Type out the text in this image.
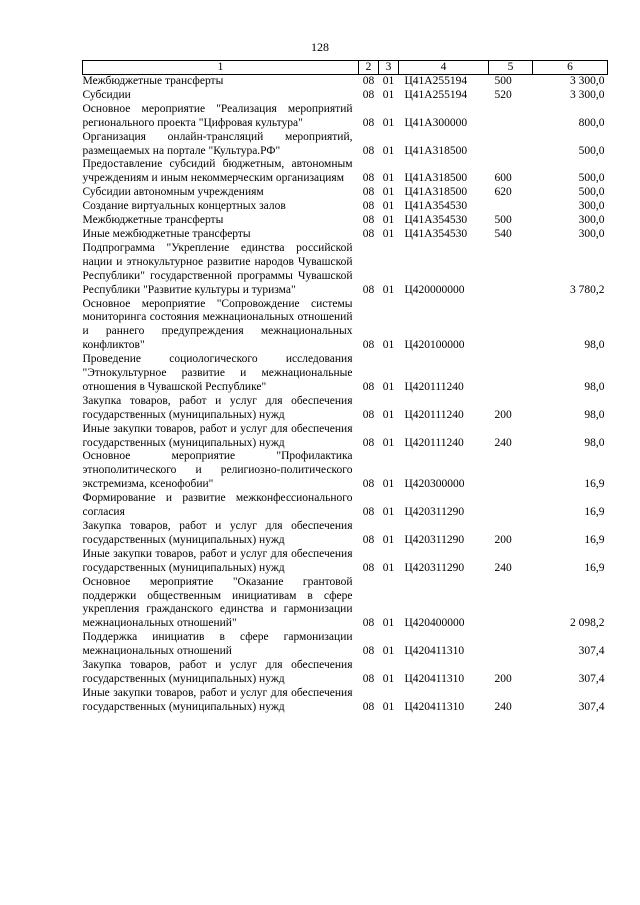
128
1	2	3	4	5	6
Межбюджетные трансферты	08	01	Ц41А255194	500	3 300,0
Субсидии	08	01	Ц41А255194	520	3 300,0
Основное мероприятие "Реализация мероприятий регионального проекта "Цифровая культура"	08	01	Ц41А300000		800,0
Организация онлайн-трансляций мероприятий, размещаемых на портале "Культура.РФ"	08	01	Ц41А318500		500,0
Предоставление субсидий бюджетным, автономным учреждениям и иным некоммерческим организациям	08	01	Ц41А318500	600	500,0
Субсидии автономным учреждениям	08	01	Ц41А318500	620	500,0
Создание виртуальных концертных залов	08	01	Ц41А354530		300,0
Межбюджетные трансферты	08	01	Ц41А354530	500	300,0
Иные межбюджетные трансферты	08	01	Ц41А354530	540	300,0
Подпрограмма "Укрепление единства российской нации и этнокультурное развитие народов Чувашской Республики" государственной программы Чувашской Республики "Развитие культуры и туризма"	08	01	Ц420000000		3 780,2
Основное мероприятие "Сопровождение системы мониторинга состояния межнациональных отношений и раннего предупреждения межнациональных конфликтов"	08	01	Ц420100000		98,0
Проведение социологического исследования "Этнокультурное развитие и межнациональные отношения в Чувашской Республике"	08	01	Ц420111240		98,0
Закупка товаров, работ и услуг для обеспечения государственных (муниципальных) нужд	08	01	Ц420111240	200	98,0
Иные закупки товаров, работ и услуг для обеспечения государственных (муниципальных) нужд	08	01	Ц420111240	240	98,0
Основное мероприятие "Профилактика этнополитического и религиозно-политического экстремизма, ксенофобии"	08	01	Ц420300000		16,9
Формирование и развитие межконфессионального согласия	08	01	Ц420311290		16,9
Закупка товаров, работ и услуг для обеспечения государственных (муниципальных) нужд	08	01	Ц420311290	200	16,9
Иные закупки товаров, работ и услуг для обеспечения государственных (муниципальных) нужд	08	01	Ц420311290	240	16,9
Основное мероприятие "Оказание грантовой поддержки общественным инициативам в сфере укрепления гражданского единства и гармонизации межнациональных отношений"	08	01	Ц420400000		2 098,2
Поддержка инициатив в сфере гармонизации межнациональных отношений	08	01	Ц420411310		307,4
Закупка товаров, работ и услуг для обеспечения государственных (муниципальных) нужд	08	01	Ц420411310	200	307,4
Иные закупки товаров, работ и услуг для обеспечения государственных (муниципальных) нужд	08	01	Ц420411310	240	307,4
